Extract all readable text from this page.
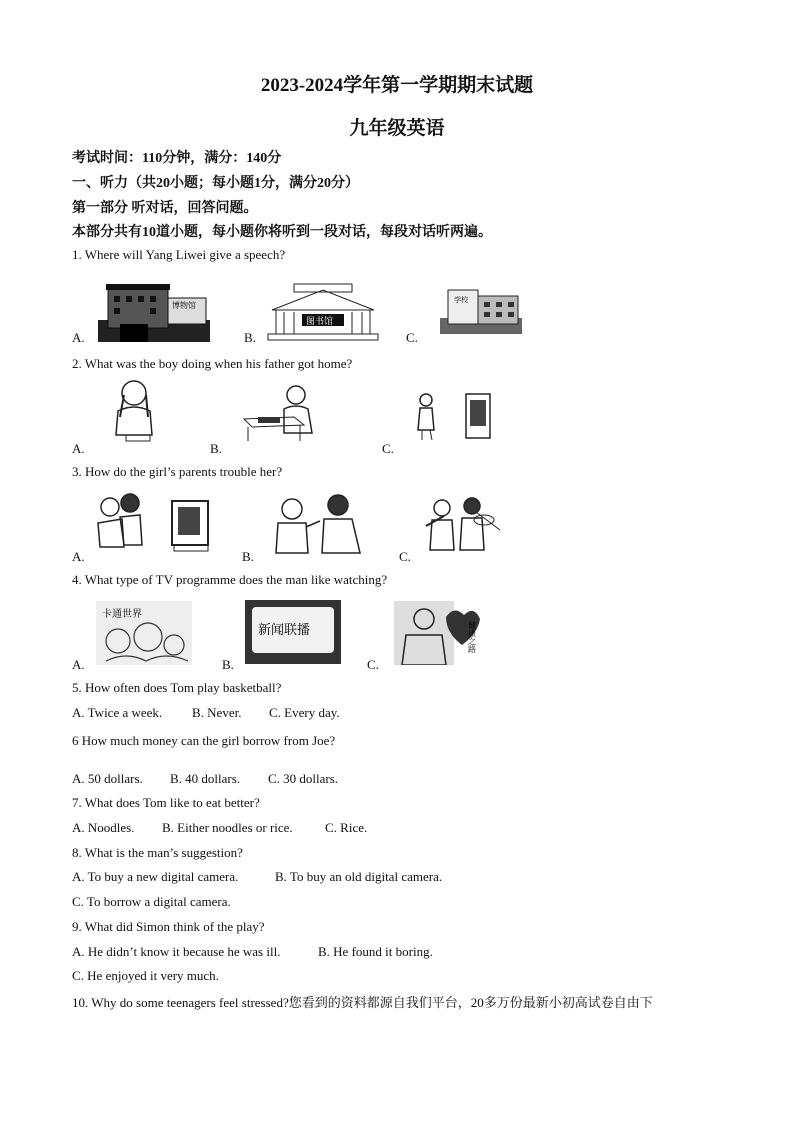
2023-2024学年第一学期期末试题
九年级英语
考试时间：110分钟，满分：140分
一、听力（共20小题；每小题1分，满分20分）
第一部分 听对话，回答问题。
本部分共有10道小题，每小题你将听到一段对话，每段对话听两遍。
1. Where will Yang Liwei give a speech?
A.	B.	C.
博物馆
图书馆
学校
2. What was the boy doing when his father got home?
A.	B.	C.
3. How do the girl’s parents trouble her?
A.	B.	C.
4. What type of TV programme does the man like watching?
A.	B.	C.
卡通世界
新闻联播	健康之路
5. How often does Tom play basketball?
A. Twice a week. B. Never. C. Every day.
6 How much money can the girl borrow from Joe?
A. 50 dollars. B. 40 dollars. C. 30 dollars.
7. What does Tom like to eat better?
A. Noodles. B. Either noodles or rice. C. Rice.
8. What is the man’s suggestion?
A. To buy a new digital camera.	B. To buy an old digital camera.
C. To borrow a digital camera.
9. What did Simon think of the play?
A. He didn’t know it because he was ill.	B. He found it boring.
C. He enjoyed it very much.
10. Why do some teenagers feel stressed?您看到的资料都源自我们平台，20多万份最新小初高试卷自由下
